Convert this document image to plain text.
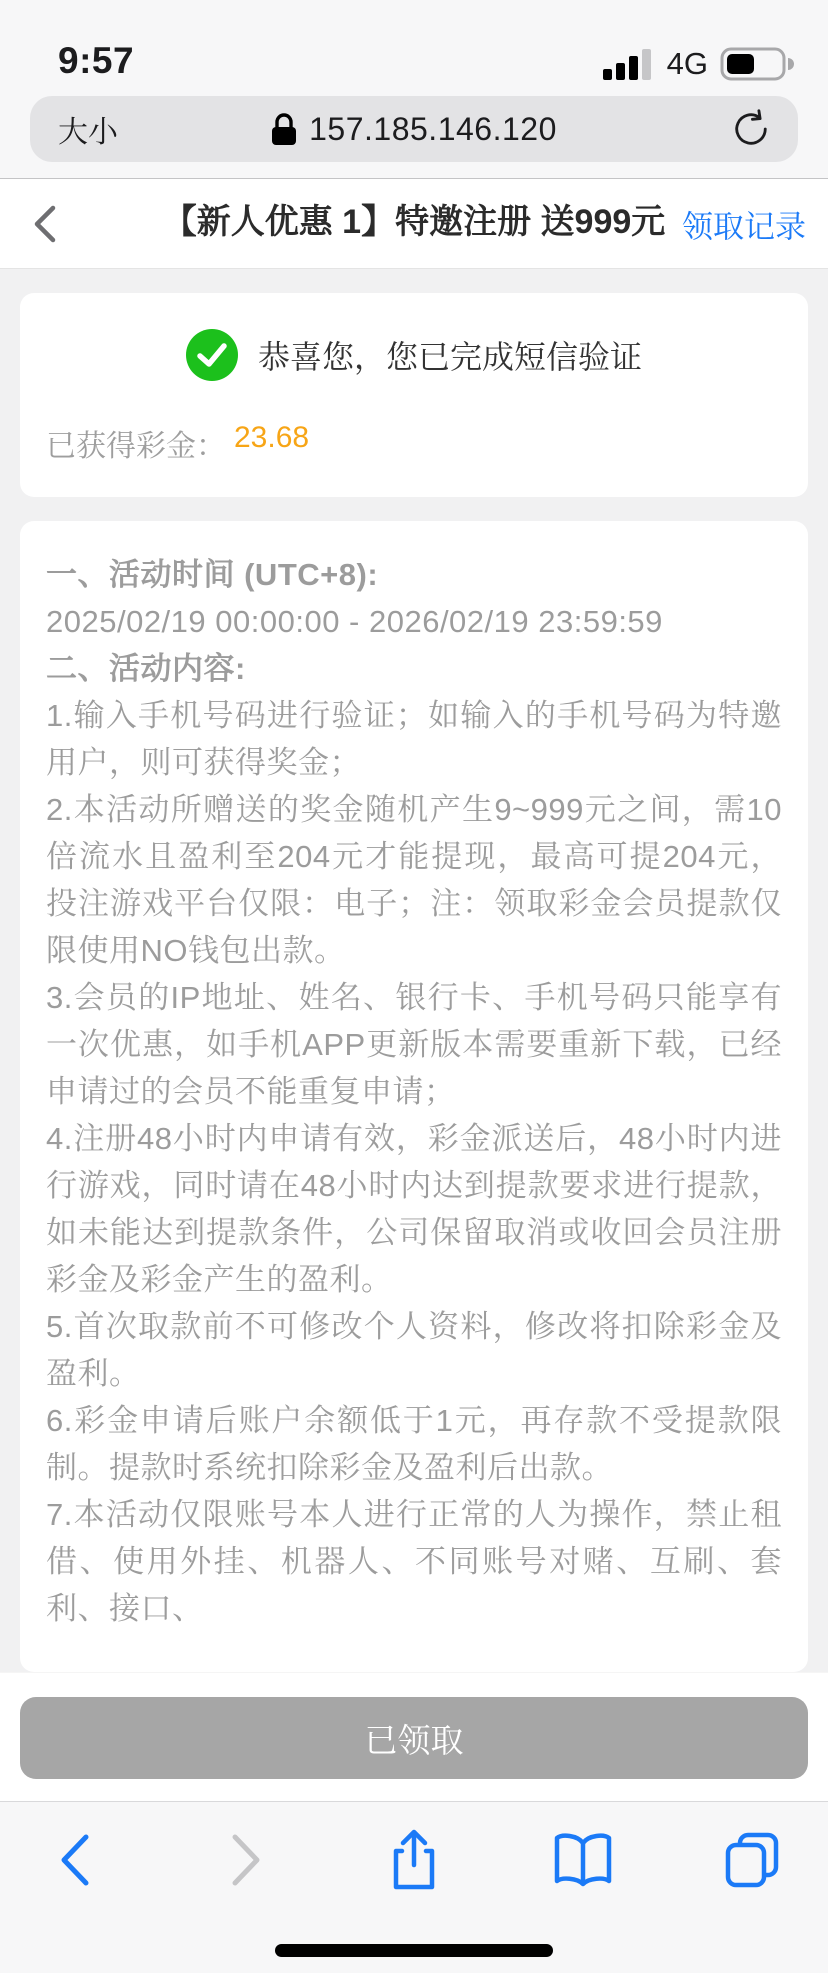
9:57	4G
大小	157.185.146.120
【新人优惠 1】特邀注册 送999元 领取记录
恭喜您，您已完成短信验证
已获得彩金： 23.68

一、活动时间 (UTC+8):

2025/02/19 00:00:00 - 2026/02/19 23:59:59

二、活动内容:

1.输入手机号码进行验证；如输入的手机号码为特邀用户，则可获得奖金；

2.本活动所赠送的奖金随机产生9~999元之间，需10倍流水且盈利至204元才能提现，最高可提204元，投注游戏平台仅限：电子；注：领取彩金会员提款仅限使用NO钱包出款。

3.会员的IP地址、姓名、银行卡、手机号码只能享有一次优惠，如手机APP更新版本需要重新下载，已经申请过的会员不能重复申请；

4.注册48小时内申请有效，彩金派送后，48小时内进行游戏，同时请在48小时内达到提款要求进行提款，如未能达到提款条件，公司保留取消或收回会员注册彩金及彩金产生的盈利。

5.首次取款前不可修改个人资料，修改将扣除彩金及盈利。

6.彩金申请后账户余额低于1元，再存款不受提款限制。提款时系统扣除彩金及盈利后出款。

7.本活动仅限账号本人进行正常的人为操作，禁止租借、使用外挂、机器人、不同账号对赌、互刷、套利、接口、

已领取
